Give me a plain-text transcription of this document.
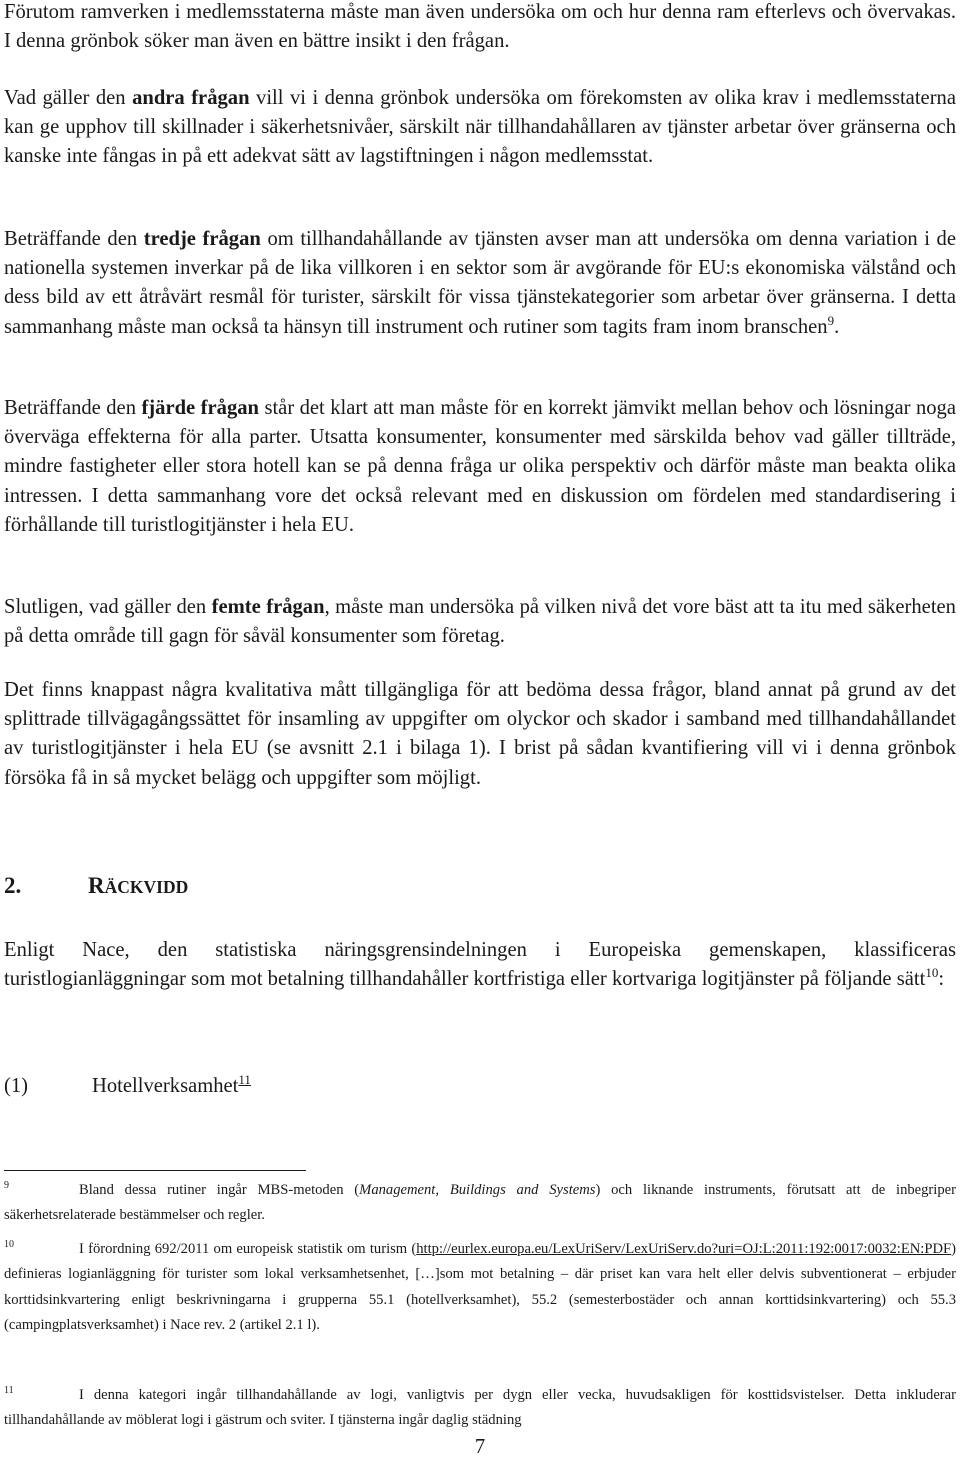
Förutom ramverken i medlemsstaterna måste man även undersöka om och hur denna ram efterlevs och övervakas. I denna grönbok söker man även en bättre insikt i den frågan.

Vad gäller den andra frågan vill vi i denna grönbok undersöka om förekomsten av olika krav i medlemsstaterna kan ge upphov till skillnader i säkerhetsnivåer, särskilt när tillhandahållaren av tjänster arbetar över gränserna och kanske inte fångas in på ett adekvat sätt av lagstiftningen i någon medlemsstat.

Beträffande den tredje frågan om tillhandahållande av tjänsten avser man att undersöka om denna variation i de nationella systemen inverkar på de lika villkoren i en sektor som är avgörande för EU:s ekonomiska välstånd och dess bild av ett åtråvärt resmål för turister, särskilt för vissa tjänstekategorier som arbetar över gränserna. I detta sammanhang måste man också ta hänsyn till instrument och rutiner som tagits fram inom branschen$^9$.

Beträffande den fjärde frågan står det klart att man måste för en korrekt jämvikt mellan behov och lösningar noga överväga effekterna för alla parter. Utsatta konsumenter, konsumenter med särskilda behov vad gäller tillträde, mindre fastigheter eller stora hotell kan se på denna fråga ur olika perspektiv och därför måste man beakta olika intressen. I detta sammanhang vore det också relevant med en diskussion om fördelen med standardisering i förhållande till turistlogitjänster i hela EU.

Slutligen, vad gäller den femte frågan, måste man undersöka på vilken nivå det vore bäst att ta itu med säkerheten på detta område till gagn för såväl konsumenter som företag.

Det finns knappast några kvalitativa mått tillgängliga för att bedöma dessa frågor, bland annat på grund av det splittrade tillvägagångssättet för insamling av uppgifter om olyckor och skador i samband med tillhandahållandet av turistlogitjänster i hela EU (se avsnitt 2.1 i bilaga 1). I brist på sådan kvantifiering vill vi i denna grönbok försöka få in så mycket belägg och uppgifter som möjligt.

Enligt Nace, den statistiska näringsgrensindelningen i Europeiska gemenskapen, klassificeras turistlogianläggningar som mot betalning tillhandahåller kortfristiga eller kortvariga logitjänster på följande sätt$^{10}$:

2.	RÄCKVIDD
(1)	Hotellverksamhet$^{11}$
9	Bland dessa rutiner ingår MBS-metoden (Management, Buildings and Systems) och liknande instruments, förutsatt att de inbegriper säkerhetsrelaterade bestämmelser och regler.
10	I förordning 692/2011 om europeisk statistik om turism (http://eurlex.europa.eu/LexUriServ/LexUriServ.do?uri=OJ:L:2011:192:0017:0032:EN:PDF) definieras logianläggning för turister som lokal verksamhetsenhet, […]som mot betalning – där priset kan vara helt eller delvis subventionerat – erbjuder korttidsinkvartering enligt beskrivningarna i grupperna 55.1 (hotellverksamhet), 55.2 (semesterbostäder och annan korttidsinkvartering) och 55.3 (campingplatsverksamhet) i Nace rev. 2 (artikel 2.1 l).
11	I denna kategori ingår tillhandahållande av logi, vanligtvis per dygn eller vecka, huvudsakligen för kosttidsvistelser. Detta inkluderar tillhandahållande av möblerat logi i gästrum och sviter. I tjänsterna ingår daglig städning
7
